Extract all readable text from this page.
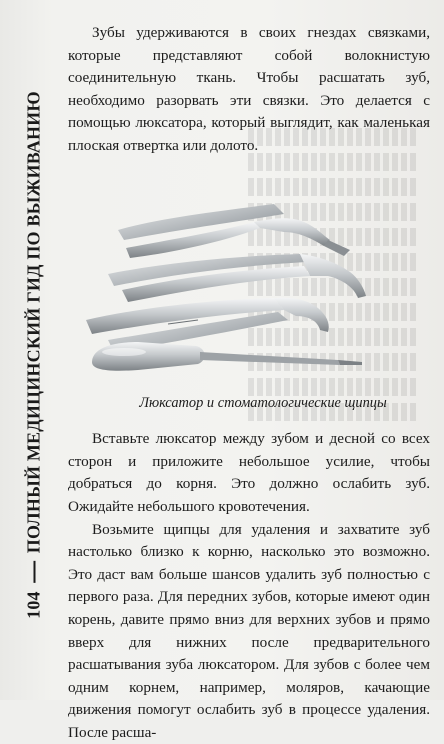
104
ПОЛНЫЙ МЕДИЦИНСКИЙ ГИД ПО ВЫЖИВАНИЮ

Зубы удерживаются в своих гнездах связками, которые представляют собой волокнистую соединительную ткань. Чтобы расшатать зуб, необходимо разорвать эти связки. Это делается с помощью люксатора, который выглядит, как маленькая плоская отвертка или долото.

Люксатор и стоматологические щипцы

Вставьте люксатор между зубом и десной со всех сторон и приложите небольшое усилие, чтобы добраться до корня. Это должно ослабить зуб. Ожидайте небольшого кровотечения.

Возьмите щипцы для удаления и захватите зуб настолько близко к корню, насколько это возможно. Это даст вам больше шансов удалить зуб полностью с первого раза. Для передних зубов, которые имеют один корень, давите прямо вниз для верхних зубов и прямо вверх для нижних после предварительного расшатывания зуба люксатором. Для зубов с более чем одним корнем, например, моляров, качающие движения помогут ослабить зуб в процессе удаления. После расша-
